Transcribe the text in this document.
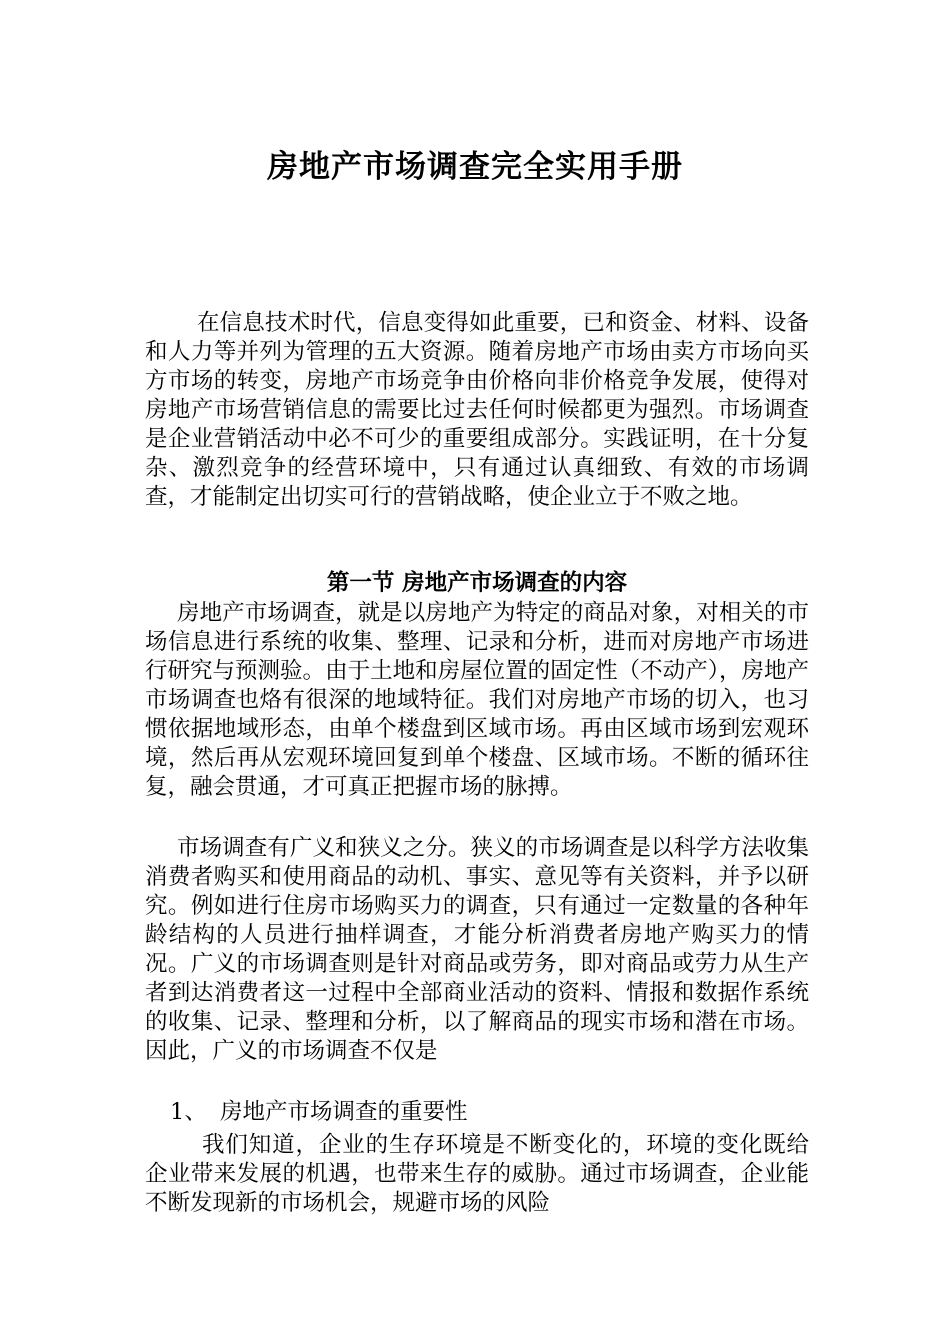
房地产市场调查完全实用手册

在信息技术时代，信息变得如此重要，已和资金、材料、设备和人力等并列为管理的五大资源。随着房地产市场由卖方市场向买方市场的转变，房地产市场竞争由价格向非价格竞争发展，使得对房地产市场营销信息的需要比过去任何时候都更为强烈。市场调查是企业营销活动中必不可少的重要组成部分。实践证明，在十分复杂、激烈竞争的经营环境中，只有通过认真细致、有效的市场调查，才能制定出切实可行的营销战略，使企业立于不败之地。

第一节 房地产市场调查的内容

房地产市场调查，就是以房地产为特定的商品对象，对相关的市场信息进行系统的收集、整理、记录和分析，进而对房地产市场进行研究与预测验。由于土地和房屋位置的固定性（不动产），房地产市场调查也烙有很深的地域特征。我们对房地产市场的切入，也习惯依据地域形态，由单个楼盘到区域市场。再由区域市场到宏观环境，然后再从宏观环境回复到单个楼盘、区域市场。不断的循环往复，融会贯通，才可真正把握市场的脉搏。

市场调查有广义和狭义之分。狭义的市场调查是以科学方法收集消费者购买和使用商品的动机、事实、意见等有关资料，并予以研究。例如进行住房市场购买力的调查，只有通过一定数量的各种年龄结构的人员进行抽样调查，才能分析消费者房地产购买力的情况。广义的市场调查则是针对商品或劳务，即对商品或劳力从生产者到达消费者这一过程中全部商业活动的资料、情报和数据作系统的收集、记录、整理和分析，以了解商品的现实市场和潜在市场。因此，广义的市场调查不仅是

1、 房地产市场调查的重要性

我们知道，企业的生存环境是不断变化的，环境的变化既给企业带来发展的机遇，也带来生存的威胁。通过市场调查，企业能不断发现新的市场机会，规避市场的风险
